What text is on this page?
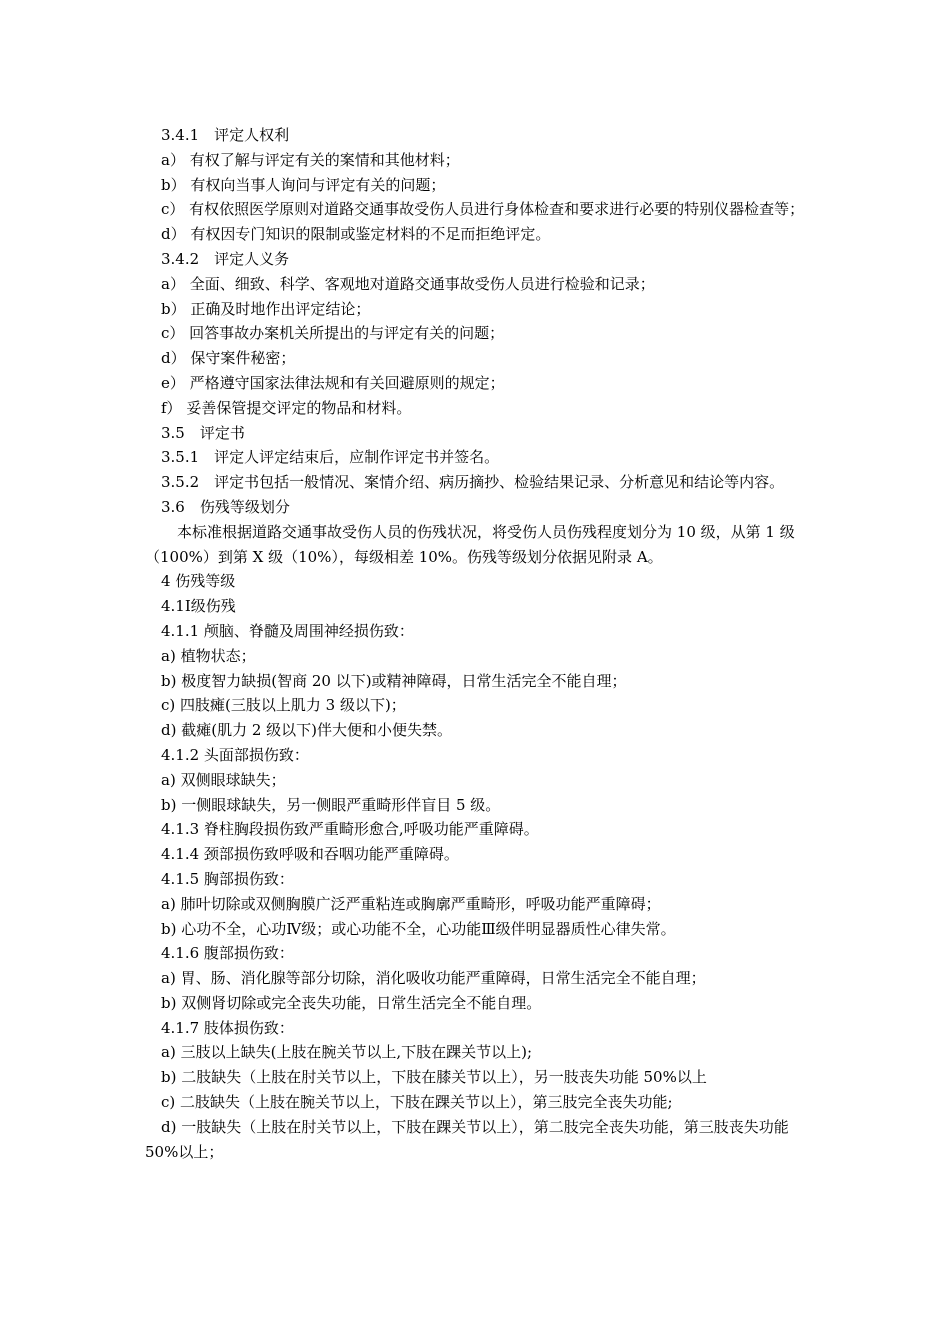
3.4.1　评定人权利

a） 有权了解与评定有关的案情和其他材料；

b） 有权向当事人询问与评定有关的问题；

c） 有权依照医学原则对道路交通事故受伤人员进行身体检查和要求进行必要的特别仪器检查等；

d） 有权因专门知识的限制或鉴定材料的不足而拒绝评定。

3.4.2　评定人义务

a） 全面、细致、科学、客观地对道路交通事故受伤人员进行检验和记录；

b） 正确及时地作出评定结论；

c） 回答事故办案机关所提出的与评定有关的问题；

d） 保守案件秘密；

e） 严格遵守国家法律法规和有关回避原则的规定；

f） 妥善保管提交评定的物品和材料。

3.5　评定书

3.5.1　评定人评定结束后，应制作评定书并签名。

3.5.2　评定书包括一般情况、案情介绍、病历摘抄、检验结果记录、分析意见和结论等内容。

3.6　伤残等级划分

本标准根据道路交通事故受伤人员的伤残状况，将受伤人员伤残程度划分为 10 级，从第 1 级（100%）到第 X 级（10%），每级相差 10%。伤残等级划分依据见附录 A。

4 伤残等级

4.1Ⅰ级伤残

4.1.1 颅脑、脊髓及周围神经损伤致：

a) 植物状态；

b) 极度智力缺损(智商 20 以下)或精神障碍，日常生活完全不能自理；

c) 四肢瘫(三肢以上肌力 3 级以下)；

d) 截瘫(肌力 2 级以下)伴大便和小便失禁。

4.1.2 头面部损伤致：

a) 双侧眼球缺失；

b) 一侧眼球缺失，另一侧眼严重畸形伴盲目 5 级。

4.1.3 脊柱胸段损伤致严重畸形愈合,呼吸功能严重障碍。

4.1.4 颈部损伤致呼吸和吞咽功能严重障碍。

4.1.5 胸部损伤致：

a) 肺叶切除或双侧胸膜广泛严重粘连或胸廓严重畸形，呼吸功能严重障碍；

b) 心功不全，心功Ⅳ级；或心功能不全，心功能Ⅲ级伴明显器质性心律失常。

4.1.6 腹部损伤致：

a) 胃、肠、消化腺等部分切除，消化吸收功能严重障碍，日常生活完全不能自理；

b) 双侧肾切除或完全丧失功能，日常生活完全不能自理。

4.1.7 肢体损伤致：

a) 三肢以上缺失(上肢在腕关节以上,下肢在踝关节以上);

b) 二肢缺失（上肢在肘关节以上，下肢在膝关节以上），另一肢丧失功能 50%以上

c) 二肢缺失（上肢在腕关节以上，下肢在踝关节以上），第三肢完全丧失功能;

d) 一肢缺失（上肢在肘关节以上，下肢在踝关节以上），第二肢完全丧失功能，第三肢丧失功能 50%以上；
